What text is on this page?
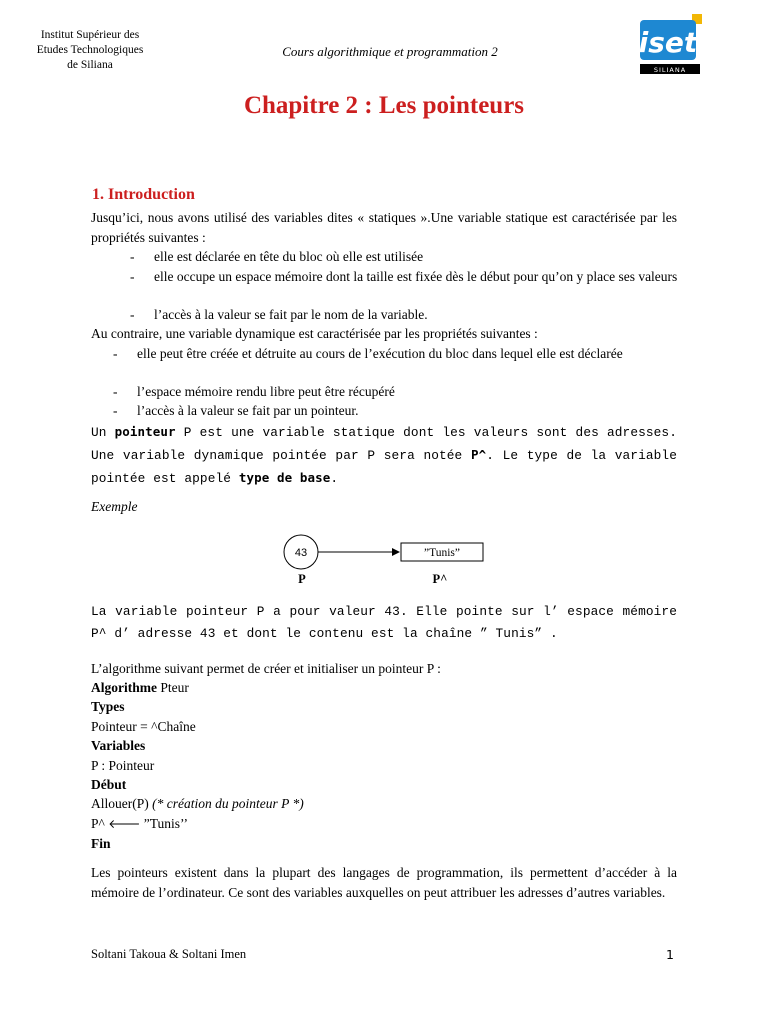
Institut Supérieur des
Etudes Technologiques
de Siliana
Cours algorithmique et programmation 2	iset
SILIANA
Chapitre 2 : Les pointeurs
1. Introduction
Jusqu’ici, nous avons utilisé des variables dites « statiques ».Une variable statique est caractérisée par les propriétés suivantes :
- elle est déclarée en tête du bloc où elle est utilisée
- elle occupe un espace mémoire dont la taille est fixée dès le début pour qu’on y place ses valeurs
- l’accès à la valeur se fait par le nom de la variable.
Au contraire, une variable dynamique est caractérisée par les propriétés suivantes :
- elle peut être créée et détruite au cours de l’exécution du bloc dans lequel elle est déclarée
- l’espace mémoire rendu libre peut être récupéré
- l’accès à la valeur se fait par un pointeur.
Un pointeur P est une variable statique dont les valeurs sont des adresses. Une variable dynamique pointée par P sera notée P^. Le type de la variable pointée est appelé type de base.
Exemple
43	”Tunis”
P	P^
La variable pointeur P a pour valeur 43. Elle pointe sur l’ espace mémoire P^ d’ adresse 43 et dont le contenu est la chaîne ” Tunis” .
L’algorithme suivant permet de créer et initialiser un pointeur P :
Algorithme Pteur
Types
Pointeur = ^Chaîne
Variables
P : Pointeur
Début
Allouer(P) (* création du pointeur P *)
P^ 🡐 ”Tunis’’
Fin
Les pointeurs existent dans la plupart des langages de programmation, ils permettent d’accéder à la mémoire de l’ordinateur. Ce sont des variables auxquelles on peut attribuer les adresses d’autres variables.
Soltani Takoua & Soltani Imen	1
